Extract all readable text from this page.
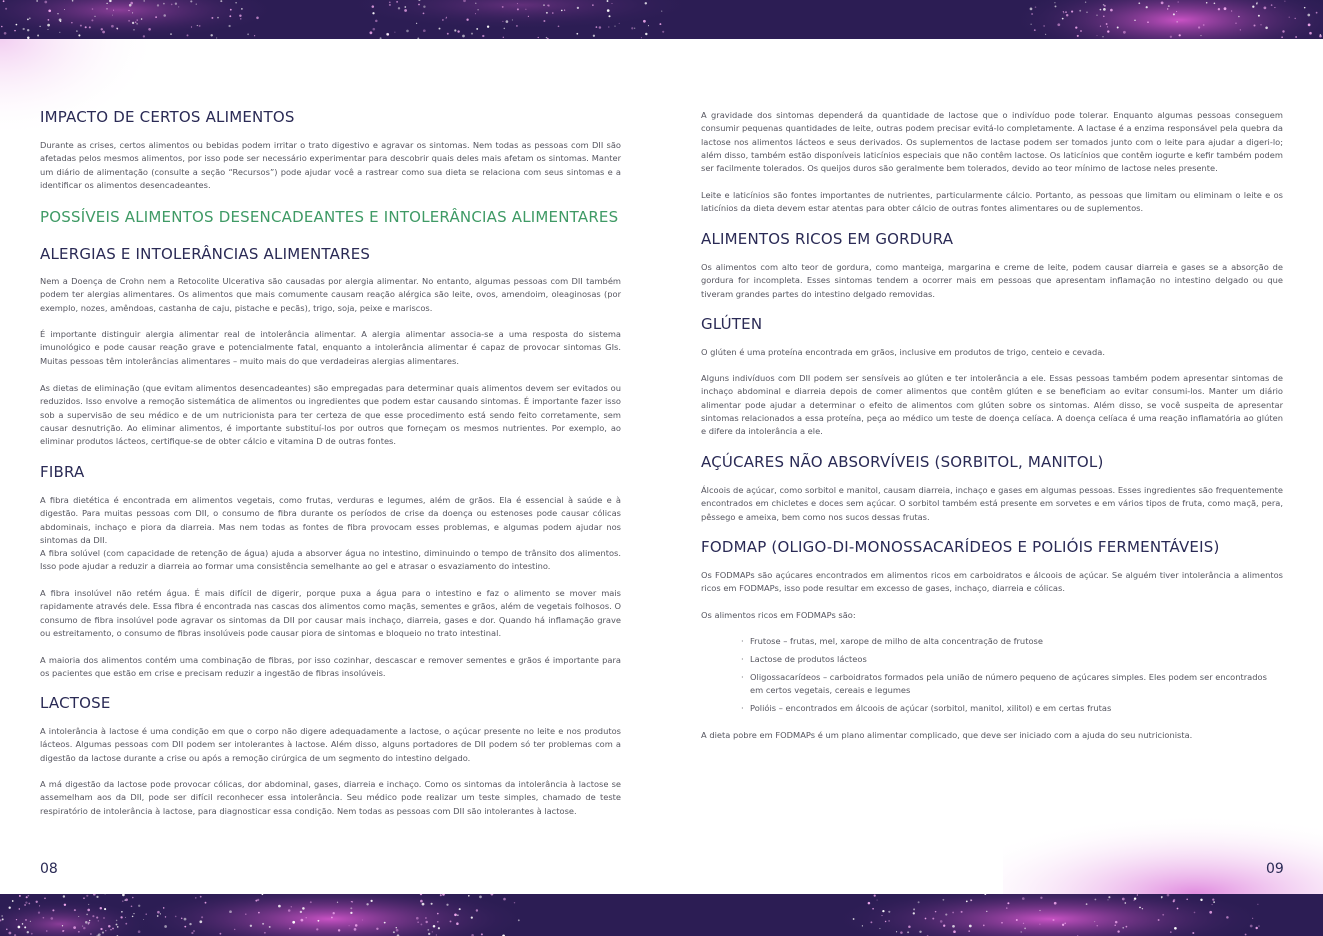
IMPACTO DE CERTOS ALIMENTOS

Durante as crises, certos alimentos ou bebidas podem irritar o trato digestivo e agravar os sintomas. Nem todas as pessoas com DII são afetadas pelos mesmos alimentos, por isso pode ser necessário experimentar para descobrir quais deles mais afetam os sintomas. Manter um diário de alimentação (consulte a seção “Recursos”) pode ajudar você a rastrear como sua dieta se relaciona com seus sintomas e a identificar os alimentos desencadeantes.

POSSÍVEIS ALIMENTOS DESENCADEANTES E INTOLERÂNCIAS ALIMENTARES
ALERGIAS E INTOLERÂNCIAS ALIMENTARES

Nem a Doença de Crohn nem a Retocolite Ulcerativa são causadas por alergia alimentar. No entanto, algumas pessoas com DII também podem ter alergias alimentares. Os alimentos que mais comumente causam reação alérgica são leite, ovos, amendoim, oleaginosas (por exemplo, nozes, amêndoas, castanha de caju, pistache e pecãs), trigo, soja, peixe e mariscos.

É importante distinguir alergia alimentar real de intolerância alimentar. A alergia alimentar associa-se a uma resposta do sistema imunológico e pode causar reação grave e potencialmente fatal, enquanto a intolerância alimentar é capaz de provocar sintomas GIs. Muitas pessoas têm intolerâncias alimentares – muito mais do que verdadeiras alergias alimentares.

As dietas de eliminação (que evitam alimentos desencadeantes) são empregadas para determinar quais alimentos devem ser evitados ou reduzidos. Isso envolve a remoção sistemática de alimentos ou ingredientes que podem estar causando sintomas. É importante fazer isso sob a supervisão de seu médico e de um nutricionista para ter certeza de que esse procedimento está sendo feito corretamente, sem causar desnutrição. Ao eliminar alimentos, é importante substituí-los por outros que forneçam os mesmos nutrientes. Por exemplo, ao eliminar produtos lácteos, certifique-se de obter cálcio e vitamina D de outras fontes.

FIBRA

A fibra dietética é encontrada em alimentos vegetais, como frutas, verduras e legumes, além de grãos. Ela é essencial à saúde e à digestão. Para muitas pessoas com DII, o consumo de fibra durante os períodos de crise da doença ou estenoses pode causar cólicas abdominais, inchaço e piora da diarreia. Mas nem todas as fontes de fibra provocam esses problemas, e algumas podem ajudar nos sintomas da DII.

A fibra solúvel (com capacidade de retenção de água) ajuda a absorver água no intestino, diminuindo o tempo de trânsito dos alimentos. Isso pode ajudar a reduzir a diarreia ao formar uma consistência semelhante ao gel e atrasar o esvaziamento do intestino.

A fibra insolúvel não retém água. É mais difícil de digerir, porque puxa a água para o intestino e faz o alimento se mover mais rapidamente através dele. Essa fibra é encontrada nas cascas dos alimentos como maçãs, sementes e grãos, além de vegetais folhosos. O consumo de fibra insolúvel pode agravar os sintomas da DII por causar mais inchaço, diarreia, gases e dor. Quando há inflamação grave ou estreitamento, o consumo de fibras insolúveis pode causar piora de sintomas e bloqueio no trato intestinal.

A maioria dos alimentos contém uma combinação de fibras, por isso cozinhar, descascar e remover sementes e grãos é importante para os pacientes que estão em crise e precisam reduzir a ingestão de fibras insolúveis.

LACTOSE

A intolerância à lactose é uma condição em que o corpo não digere adequadamente a lactose, o açúcar presente no leite e nos produtos lácteos. Algumas pessoas com DII podem ser intolerantes à lactose. Além disso, alguns portadores de DII podem só ter problemas com a digestão da lactose durante a crise ou após a remoção cirúrgica de um segmento do intestino delgado.

A má digestão da lactose pode provocar cólicas, dor abdominal, gases, diarreia e inchaço. Como os sintomas da intolerância à lactose se assemelham aos da DII, pode ser difícil reconhecer essa intolerância. Seu médico pode realizar um teste simples, chamado de teste respiratório de intolerância à lactose, para diagnosticar essa condição. Nem todas as pessoas com DII são intolerantes à lactose.

A gravidade dos sintomas dependerá da quantidade de lactose que o indivíduo pode tolerar. Enquanto algumas pessoas conseguem consumir pequenas quantidades de leite, outras podem precisar evitá-lo completamente. A lactase é a enzima responsável pela quebra da lactose nos alimentos lácteos e seus derivados. Os suplementos de lactase podem ser tomados junto com o leite para ajudar a digeri-lo; além disso, também estão disponíveis laticínios especiais que não contêm lactose. Os laticínios que contêm iogurte e kefir também podem ser facilmente tolerados. Os queijos duros são geralmente bem tolerados, devido ao teor mínimo de lactose neles presente.

Leite e laticínios são fontes importantes de nutrientes, particularmente cálcio. Portanto, as pessoas que limitam ou eliminam o leite e os laticínios da dieta devem estar atentas para obter cálcio de outras fontes alimentares ou de suplementos.

ALIMENTOS RICOS EM GORDURA

Os alimentos com alto teor de gordura, como manteiga, margarina e creme de leite, podem causar diarreia e gases se a absorção de gordura for incompleta. Esses sintomas tendem a ocorrer mais em pessoas que apresentam inflamação no intestino delgado ou que tiveram grandes partes do intestino delgado removidas.

GLÚTEN

O glúten é uma proteína encontrada em grãos, inclusive em produtos de trigo, centeio e cevada.

Alguns indivíduos com DII podem ser sensíveis ao glúten e ter intolerância a ele. Essas pessoas também podem apresentar sintomas de inchaço abdominal e diarreia depois de comer alimentos que contêm glúten e se beneficiam ao evitar consumi-los. Manter um diário alimentar pode ajudar a determinar o efeito de alimentos com glúten sobre os sintomas. Além disso, se você suspeita de apresentar sintomas relacionados a essa proteína, peça ao médico um teste de doença celíaca. A doença celíaca é uma reação inflamatória ao glúten e difere da intolerância a ele.

AÇÚCARES NÃO ABSORVÍVEIS (SORBITOL, MANITOL)

Álcoois de açúcar, como sorbitol e manitol, causam diarreia, inchaço e gases em algumas pessoas. Esses ingredientes são frequentemente encontrados em chicletes e doces sem açúcar. O sorbitol também está presente em sorvetes e em vários tipos de fruta, como maçã, pera, pêssego e ameixa, bem como nos sucos dessas frutas.

FODMAP (OLIGO-DI-MONOSSACARÍDEOS E POLIÓIS FERMENTÁVEIS)

Os FODMAPs são açúcares encontrados em alimentos ricos em carboidratos e álcoois de açúcar. Se alguém tiver intolerância a alimentos ricos em FODMAPs, isso pode resultar em excesso de gases, inchaço, diarreia e cólicas.

Os alimentos ricos em FODMAPs são:

· Frutose – frutas, mel, xarope de milho de alta concentração de frutose
· Lactose de produtos lácteos
· Oligossacarídeos – carboidratos formados pela união de número pequeno de açúcares simples. Eles podem ser encontrados em certos vegetais, cereais e legumes
· Polióis – encontrados em álcoois de açúcar (sorbitol, manitol, xilitol) e em certas frutas

A dieta pobre em FODMAPs é um plano alimentar complicado, que deve ser iniciado com a ajuda do seu nutricionista.

08	09
